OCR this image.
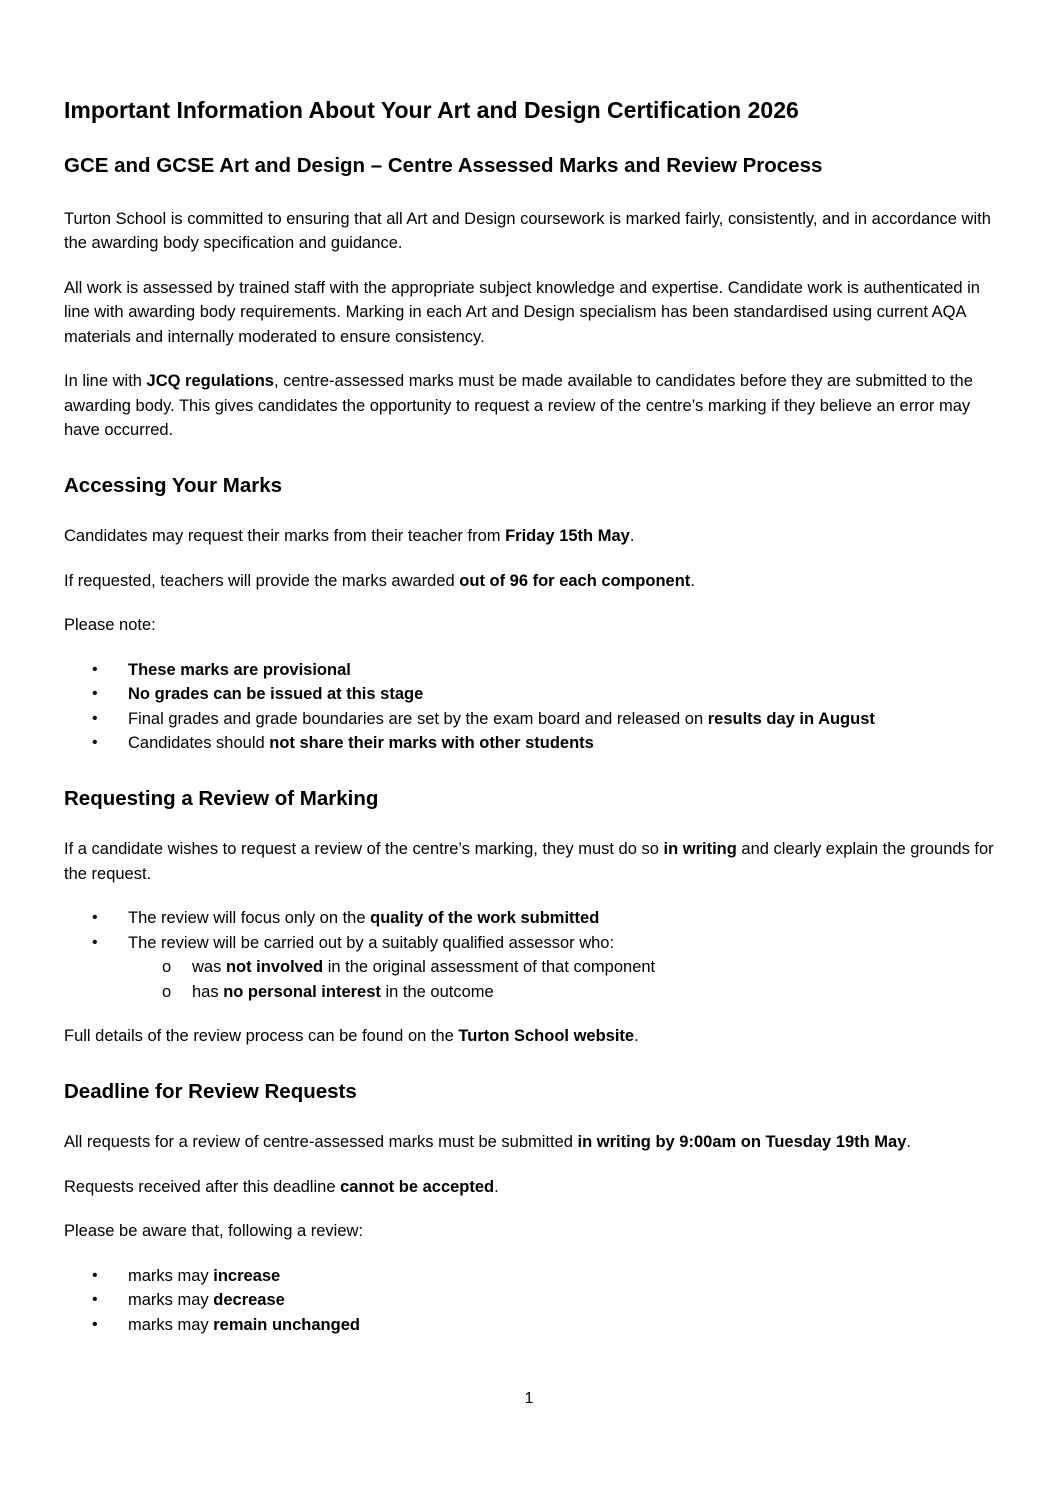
Important Information About Your Art and Design Certification 2026
GCE and GCSE Art and Design – Centre Assessed Marks and Review Process

Turton School is committed to ensuring that all Art and Design coursework is marked fairly, consistently, and in accordance with the awarding body specification and guidance.

All work is assessed by trained staff with the appropriate subject knowledge and expertise. Candidate work is authenticated in line with awarding body requirements. Marking in each Art and Design specialism has been standardised using current AQA materials and internally moderated to ensure consistency.

In line with JCQ regulations, centre-assessed marks must be made available to candidates before they are submitted to the awarding body. This gives candidates the opportunity to request a review of the centre’s marking if they believe an error may have occurred.

Accessing Your Marks

Candidates may request their marks from their teacher from Friday 15th May.

If requested, teachers will provide the marks awarded out of 96 for each component.

Please note:

• These marks are provisional
• No grades can be issued at this stage
• Final grades and grade boundaries are set by the exam board and released on results day in August
• Candidates should not share their marks with other students
Requesting a Review of Marking

If a candidate wishes to request a review of the centre’s marking, they must do so in writing and clearly explain the grounds for the request.

• The review will focus only on the quality of the work submitted
• The review will be carried out by a suitably qualified assessor who:
o was not involved in the original assessment of that component
o has no personal interest in the outcome

Full details of the review process can be found on the Turton School website.

Deadline for Review Requests

All requests for a review of centre-assessed marks must be submitted in writing by 9:00am on Tuesday 19th May.

Requests received after this deadline cannot be accepted.

Please be aware that, following a review:

• marks may increase
• marks may decrease
• marks may remain unchanged
1
